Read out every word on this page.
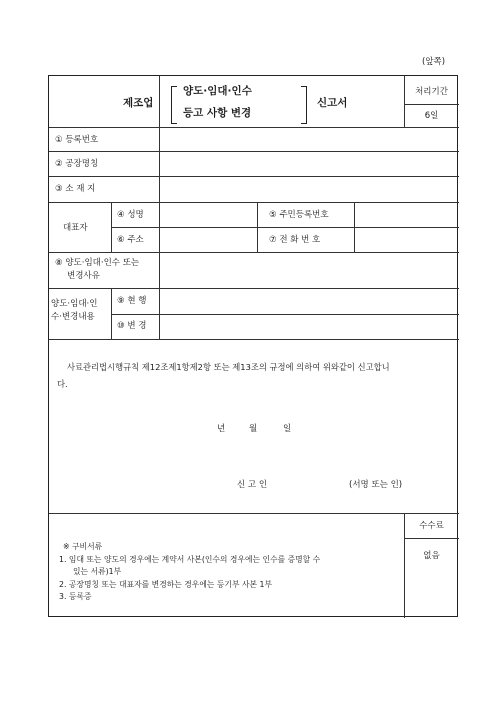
(앞쪽)
제조업
양도·임대·인수
등고 사항 변경
신고서
처리기간
6일
① 등록번호
② 공장명칭
③ 소 재 지
대표자
④ 성명	⑤ 주민등록번호
⑥ 주소	⑦ 전 화 번 호
⑧ 양도·임대·인수 또는
변경사유
양도·임대·인
수·변경내용
⑨ 현 행
⑩ 변 경
사료관리법시행규칙 제12조제1항제2항 또는 제13조의 규정에 의하여 위와같이 신고합니
다.
년	월	일
신 고 인	(서명 또는 인)
수수료
없음
※ 구비서류
1. 임대 또는 양도의 경우에는 계약서 사본(인수의 경우에는 인수를 증명할 수
있는 서류)1부
2. 공장명칭 또는 대표자를 변경하는 경우에는 등기부 사본 1부
3. 등록증
